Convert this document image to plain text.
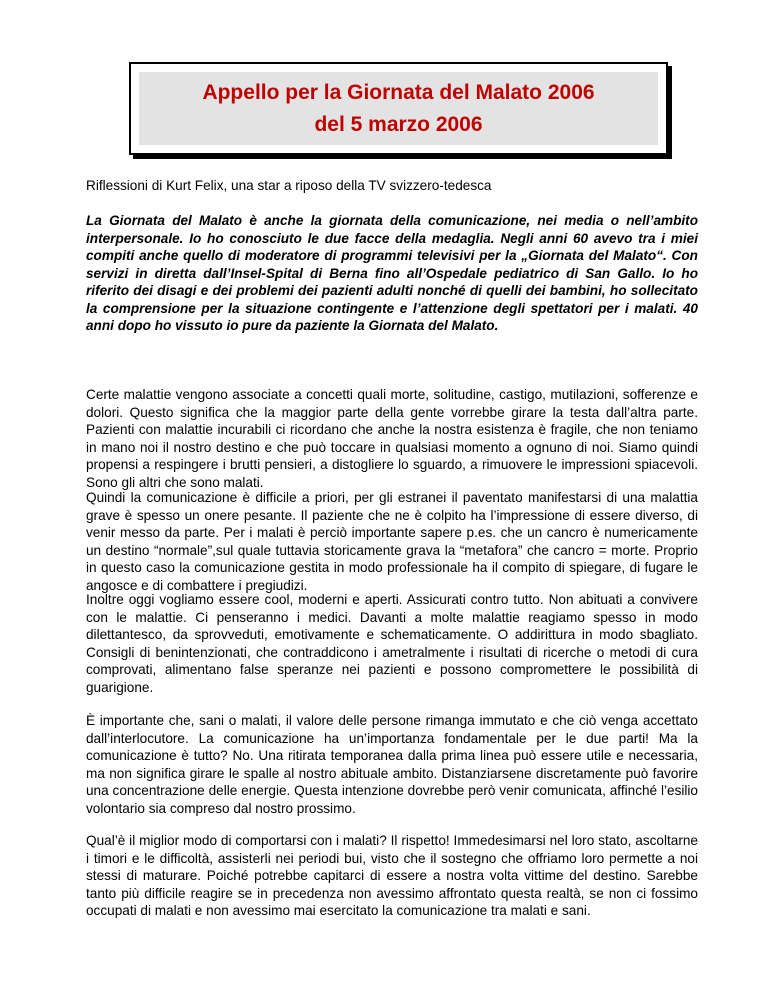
Appello per la Giornata del Malato 2006
del 5 marzo 2006

Riflessioni di Kurt Felix, una star a riposo della TV svizzero-tedesca

La Giornata del Malato è anche la giornata della comunicazione, nei media o nell’ambito interpersonale. Io ho conosciuto le due facce della medaglia. Negli anni 60 avevo tra i miei compiti anche quello di moderatore di programmi televisivi per la „Giornata del Malato“. Con servizi in diretta dall’Insel-Spital di Berna fino all’Ospedale pediatrico di San Gallo. Io ho riferito dei disagi e dei problemi dei pazienti adulti nonché di quelli dei bambini, ho sollecitato la comprensione per la situazione contingente e l’attenzione degli spettatori per i malati. 40 anni dopo ho vissuto io pure da paziente la Giornata del Malato.

Certe malattie vengono associate a concetti quali morte, solitudine, castigo, mutilazioni, sofferenze e dolori. Questo significa che la maggior parte della gente vorrebbe girare la testa dall’altra parte. Pazienti con malattie incurabili ci ricordano che anche la nostra esistenza è fragile, che non teniamo in mano noi il nostro destino e che può toccare in qualsiasi momento a ognuno di noi. Siamo quindi propensi a respingere i brutti pensieri, a distogliere lo sguardo, a rimuovere le impressioni spiacevoli. Sono gli altri che sono malati.

Quindi la comunicazione è difficile a priori, per gli estranei il paventato manifestarsi di una malattia grave è spesso un onere pesante. Il paziente che ne è colpito ha l’impressione di essere diverso, di venir messo da parte. Per i malati è perciò importante sapere p.es. che un cancro è numericamente un destino “normale”,sul quale tuttavia storicamente grava la “metafora” che cancro = morte. Proprio in questo caso la comunicazione gestita in modo professionale ha il compito di spiegare, di fugare le angosce e di combattere i pregiudizi.

Inoltre oggi vogliamo essere cool, moderni e aperti. Assicurati contro tutto. Non abituati a convivere con le malattie. Ci penseranno i medici. Davanti a molte malattie reagiamo spesso in modo dilettantesco, da sprovveduti, emotivamente e schematicamente. O addirittura in modo sbagliato. Consigli di benintenzionati, che contraddicono i ametralmente i risultati di ricerche o metodi di cura comprovati, alimentano false speranze nei pazienti e possono compromettere le possibilità di guarigione.

È importante che, sani o malati, il valore delle persone rimanga immutato e che ciò venga accettato dall’interlocutore. La comunicazione ha un’importanza fondamentale per le due parti! Ma la comunicazione è tutto? No. Una ritirata temporanea dalla prima linea può essere utile e necessaria, ma non significa girare le spalle al nostro abituale ambito. Distanziarsene discretamente può favorire una concentrazione delle energie. Questa intenzione dovrebbe però venir comunicata, affinché l’esilio volontario sia compreso dal nostro prossimo.

Qual’è il miglior modo di comportarsi con i malati? Il rispetto! Immedesimarsi nel loro stato, ascoltarne i timori e le difficoltà, assisterli nei periodi bui, visto che il sostegno che offriamo loro permette a noi stessi di maturare. Poiché potrebbe capitarci di essere a nostra volta vittime del destino. Sarebbe tanto più difficile reagire se in precedenza non avessimo affrontato questa realtà, se non ci fossimo occupati di malati e non avessimo mai esercitato la comunicazione tra malati e sani.
